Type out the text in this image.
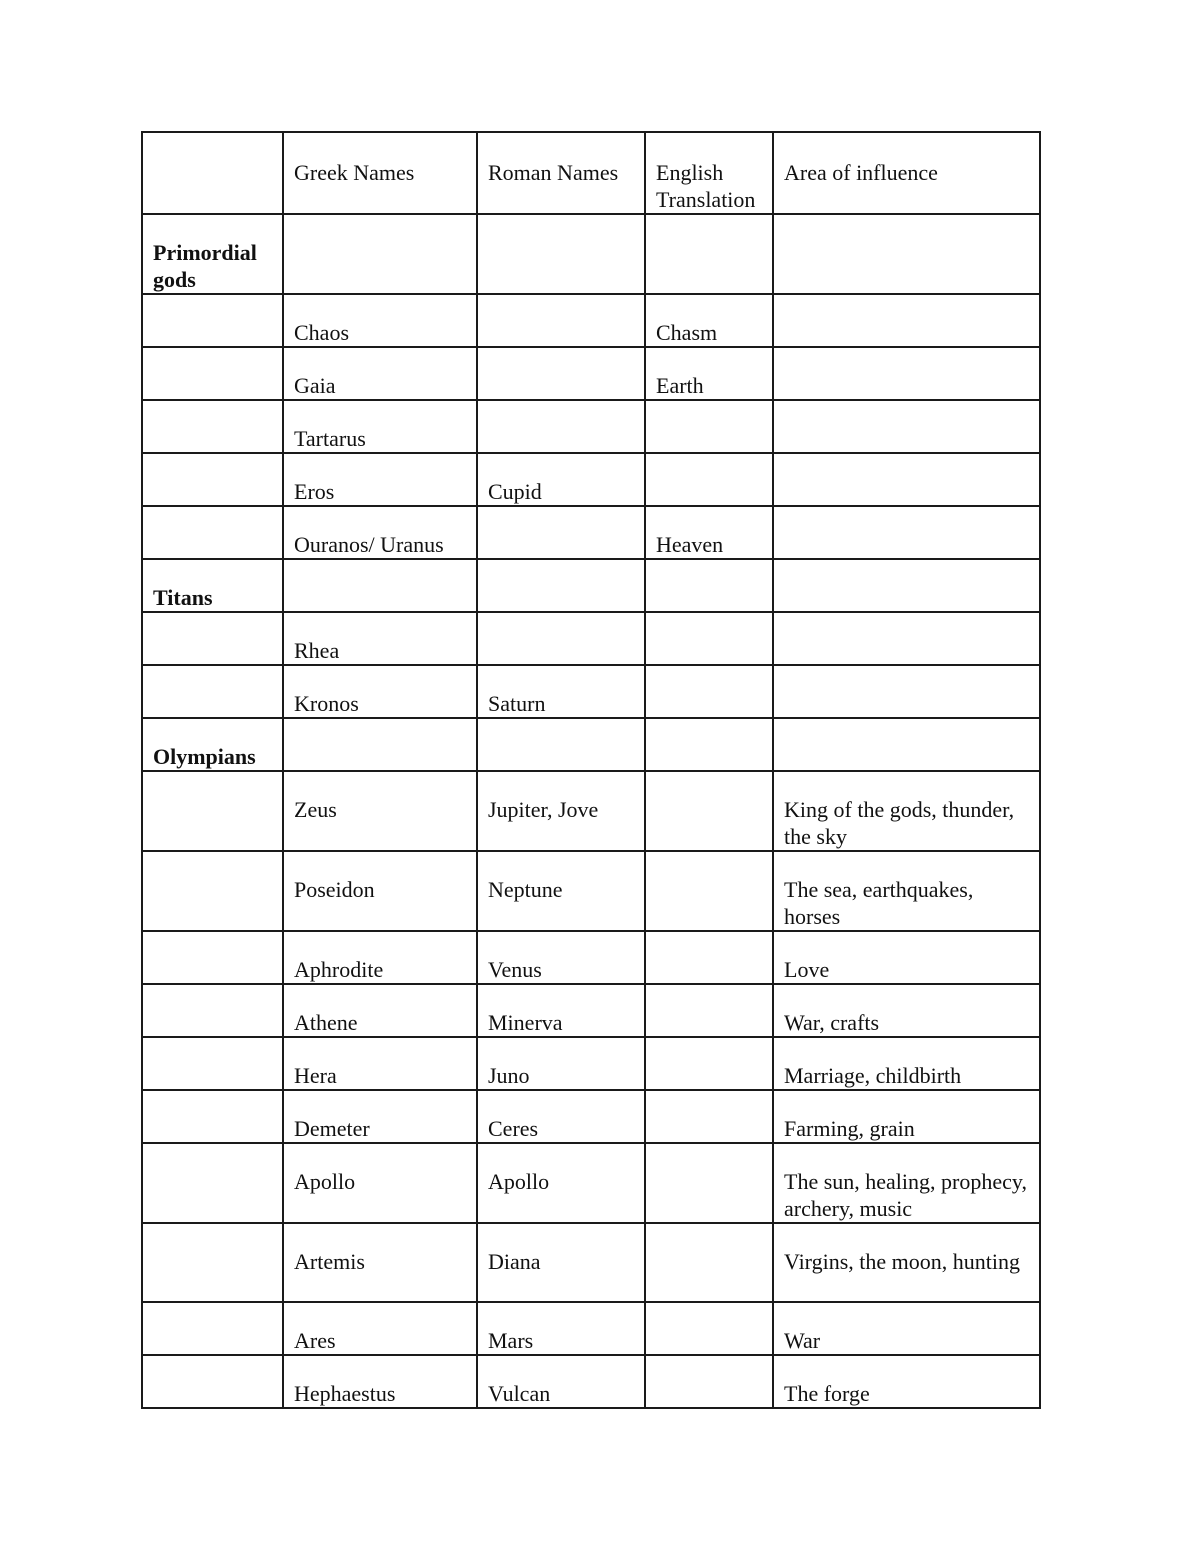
	Greek Names	Roman Names	English Translation	Area of influence

Primordial gods				

	Chaos		Chasm	

	Gaia		Earth	

	Tartarus			

	Eros	Cupid		

	Ouranos/ Uranus		Heaven	

Titans				

	Rhea			

	Kronos	Saturn		

Olympians				

	Zeus	Jupiter, Jove		King of the gods, thunder, the sky

	Poseidon	Neptune		The sea, earthquakes, horses

	Aphrodite	Venus		Love

	Athene	Minerva		War, crafts

	Hera	Juno		Marriage, childbirth

	Demeter	Ceres		Farming, grain

	Apollo	Apollo		The sun, healing, prophecy, archery, music

	Artemis	Diana		Virgins, the moon, hunting

	Ares	Mars		War

	Hephaestus	Vulcan		The forge
